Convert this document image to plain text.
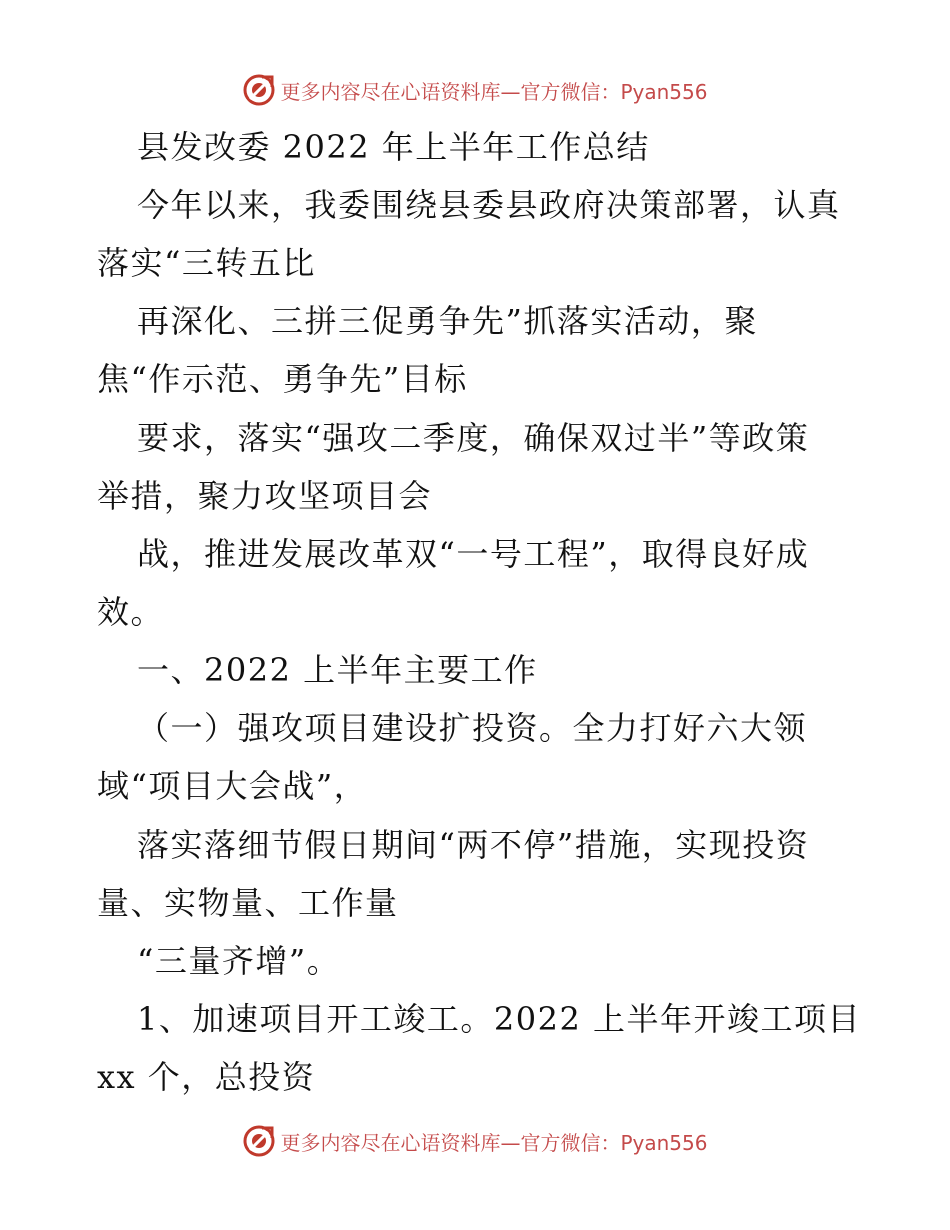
更多内容尽在心语资料库—官方微信：Pyan556
县发改委 2022 年上半年工作总结
今年以来，我委围绕县委县政府决策部署，认真
落实“三转五比
再深化、三拼三促勇争先”抓落实活动，聚
焦“作示范、勇争先”目标
要求，落实“强攻二季度，确保双过半”等政策
举措，聚力攻坚项目会
战，推进发展改革双“一号工程”，取得良好成
效。
一、2022 上半年主要工作
（一）强攻项目建设扩投资。全力打好六大领
域“项目大会战”，
落实落细节假日期间“两不停”措施，实现投资
量、实物量、工作量
“三量齐增”。
1、加速项目开工竣工。2022 上半年开竣工项目
xx 个，总投资
更多内容尽在心语资料库—官方微信：Pyan556
